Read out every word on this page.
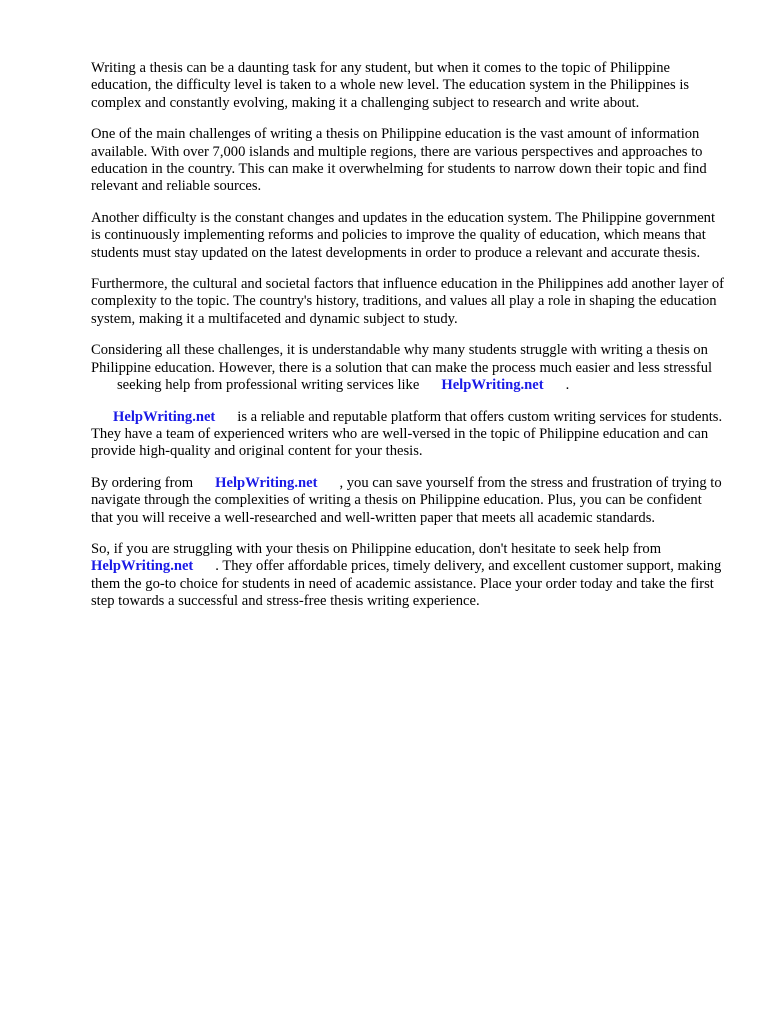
Writing a thesis can be a daunting task for any student, but when it comes to the topic of Philippine education, the difficulty level is taken to a whole new level. The education system in the Philippines is complex and constantly evolving, making it a challenging subject to research and write about.

One of the main challenges of writing a thesis on Philippine education is the vast amount of information available. With over 7,000 islands and multiple regions, there are various perspectives and approaches to education in the country. This can make it overwhelming for students to narrow down their topic and find relevant and reliable sources.

Another difficulty is the constant changes and updates in the education system. The Philippine government is continuously implementing reforms and policies to improve the quality of education, which means that students must stay updated on the latest developments in order to produce a relevant and accurate thesis.

Furthermore, the cultural and societal factors that influence education in the Philippines add another layer of complexity to the topic. The country's history, traditions, and values all play a role in shaping the education system, making it a multifaceted and dynamic subject to study.

Considering all these challenges, it is understandable why many students struggle with writing a thesis on Philippine education. However, there is a solution that can make the process much easier and less stressfulseeking help from professional writing services like HelpWriting.net .

HelpWriting.net is a reliable and reputable platform that offers custom writing services for students. They have a team of experienced writers who are well-versed in the topic of Philippine education and can provide high-quality and original content for your thesis.

By ordering from HelpWriting.net , you can save yourself from the stress and frustration of trying to navigate through the complexities of writing a thesis on Philippine education. Plus, you can be confident that you will receive a well-researched and well-written paper that meets all academic standards.

So, if you are struggling with your thesis on Philippine education, don't hesitate to seek help from HelpWriting.net . They offer affordable prices, timely delivery, and excellent customer support, making them the go-to choice for students in need of academic assistance. Place your order today and take the first step towards a successful and stress-free thesis writing experience.
